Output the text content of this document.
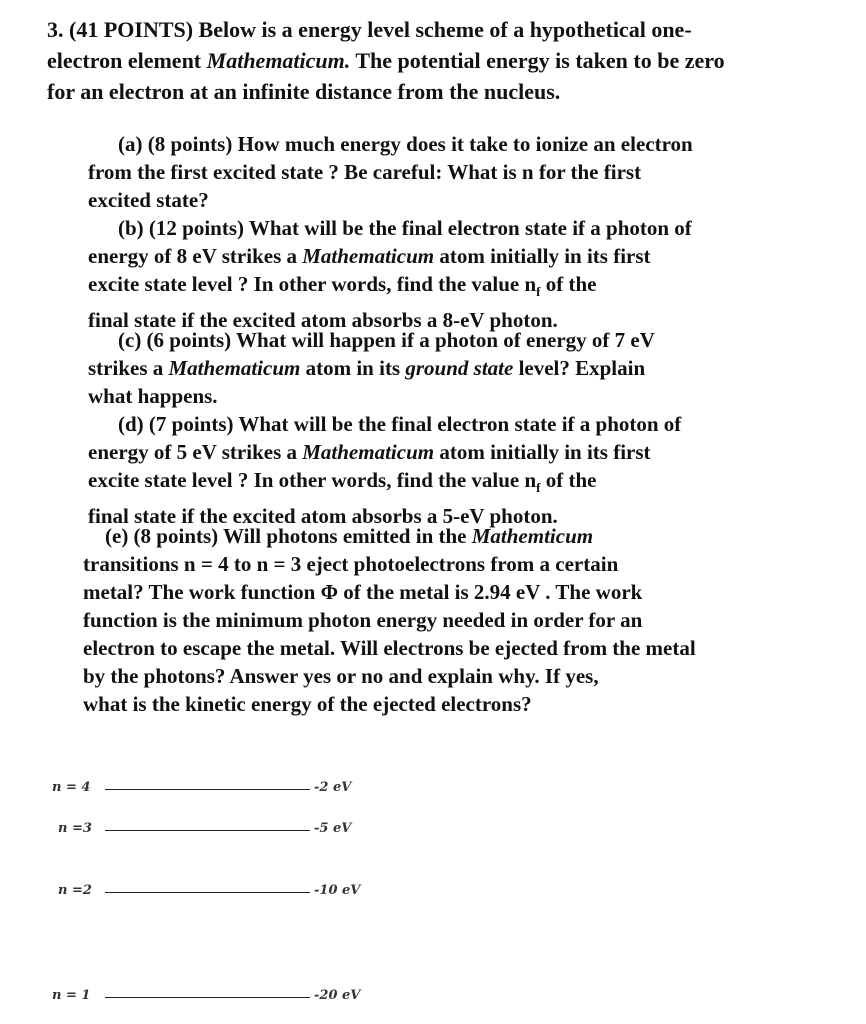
3. (41 POINTS) Below is a energy level scheme of a hypothetical one-
electron element Mathematicum. The potential energy is taken to be zero
for an electron at an infinite distance from the nucleus.
(a) (8 points) How much energy does it take to ionize an electron
from the first excited state ? Be careful: What is n for the first
excited state?
(b) (12 points) What will be the final electron state if a photon of
energy of 8 eV strikes a Mathematicum atom initially in its first
excite state level ? In other words, find the value $n_f$ of the
final state if the excited atom absorbs a 8-eV photon.
(c) (6 points) What will happen if a photon of energy of 7 eV
strikes a Mathematicum atom in its ground state level? Explain
what happens.
(d) (7 points) What will be the final electron state if a photon of
energy of 5 eV strikes a Mathematicum atom initially in its first
excite state level ? In other words, find the value $n_f$ of the
final state if the excited atom absorbs a 5-eV photon.
(e) (8 points) Will photons emitted in the Mathemticum
transitions n = 4 to n = 3 eject photoelectrons from a certain
metal? The work function Φ of the metal is 2.94 eV . The work
function is the minimum photon energy needed in order for an
electron to escape the metal. Will electrons be ejected from the metal
by the photons? Answer yes or no and explain why. If yes,
what is the kinetic energy of the ejected electrons?
n = 4	-2 eV
n =3	-5 eV
n =2	-10 eV
n = 1	-20 eV
